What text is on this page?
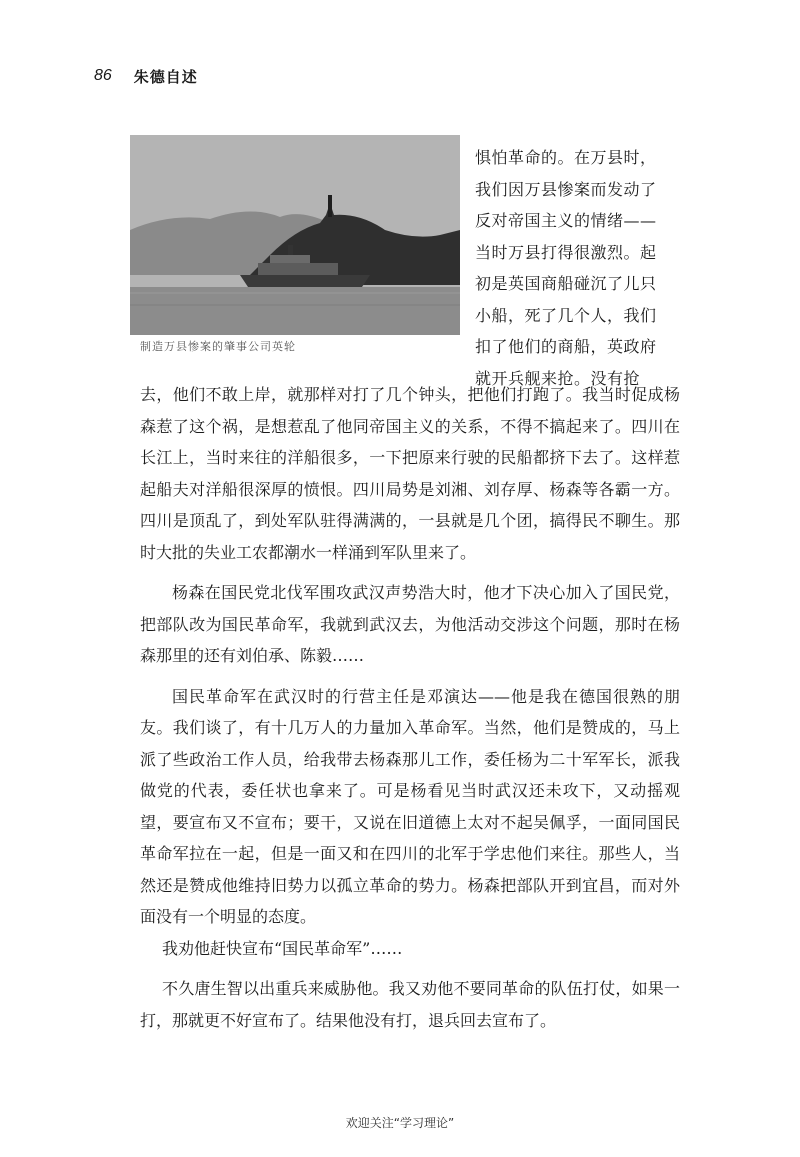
86 朱德自述
制造万县惨案的肇事公司英轮
惧怕革命的。在万县时，
我们因万县惨案而发动了
反对帝国主义的情绪——
当时万县打得很激烈。起
初是英国商船碰沉了儿只
小船，死了几个人，我们
扣了他们的商船，英政府
就开兵舰来抢。没有抢

去，他们不敢上岸，就那样对打了几个钟头，把他们打跑了。我当时促成杨森惹了这个祸，是想惹乱了他同帝国主义的关系，不得不搞起来了。四川在长江上，当时来往的洋船很多，一下把原来行驶的民船都挤下去了。这样惹起船夫对洋船很深厚的愤恨。四川局势是刘湘、刘存厚、杨森等各霸一方。四川是顶乱了，到处军队驻得满满的，一县就是几个团，搞得民不聊生。那时大批的失业工农都潮水一样涌到军队里来了。

杨森在国民党北伐军围攻武汉声势浩大时，他才下决心加入了国民党，把部队改为国民革命军，我就到武汉去，为他活动交涉这个问题，那时在杨森那里的还有刘伯承、陈毅……

国民革命军在武汉时的行营主任是邓演达——他是我在德国很熟的朋友。我们谈了，有十几万人的力量加入革命军。当然，他们是赞成的，马上派了些政治工作人员，给我带去杨森那儿工作，委任杨为二十军军长，派我做党的代表，委任状也拿来了。可是杨看见当时武汉还未攻下，又动摇观望，要宣布又不宣布；要干，又说在旧道德上太对不起吴佩孚，一面同国民革命军拉在一起，但是一面又和在四川的北军于学忠他们来往。那些人，当然还是赞成他维持旧势力以孤立革命的势力。杨森把部队开到宜昌，而对外面没有一个明显的态度。

我劝他赶快宣布“国民革命军”……

不久唐生智以出重兵来威胁他。我又劝他不要同革命的队伍打仗，如果一打，那就更不好宣布了。结果他没有打，退兵回去宣布了。

欢迎关注“学习理论”
